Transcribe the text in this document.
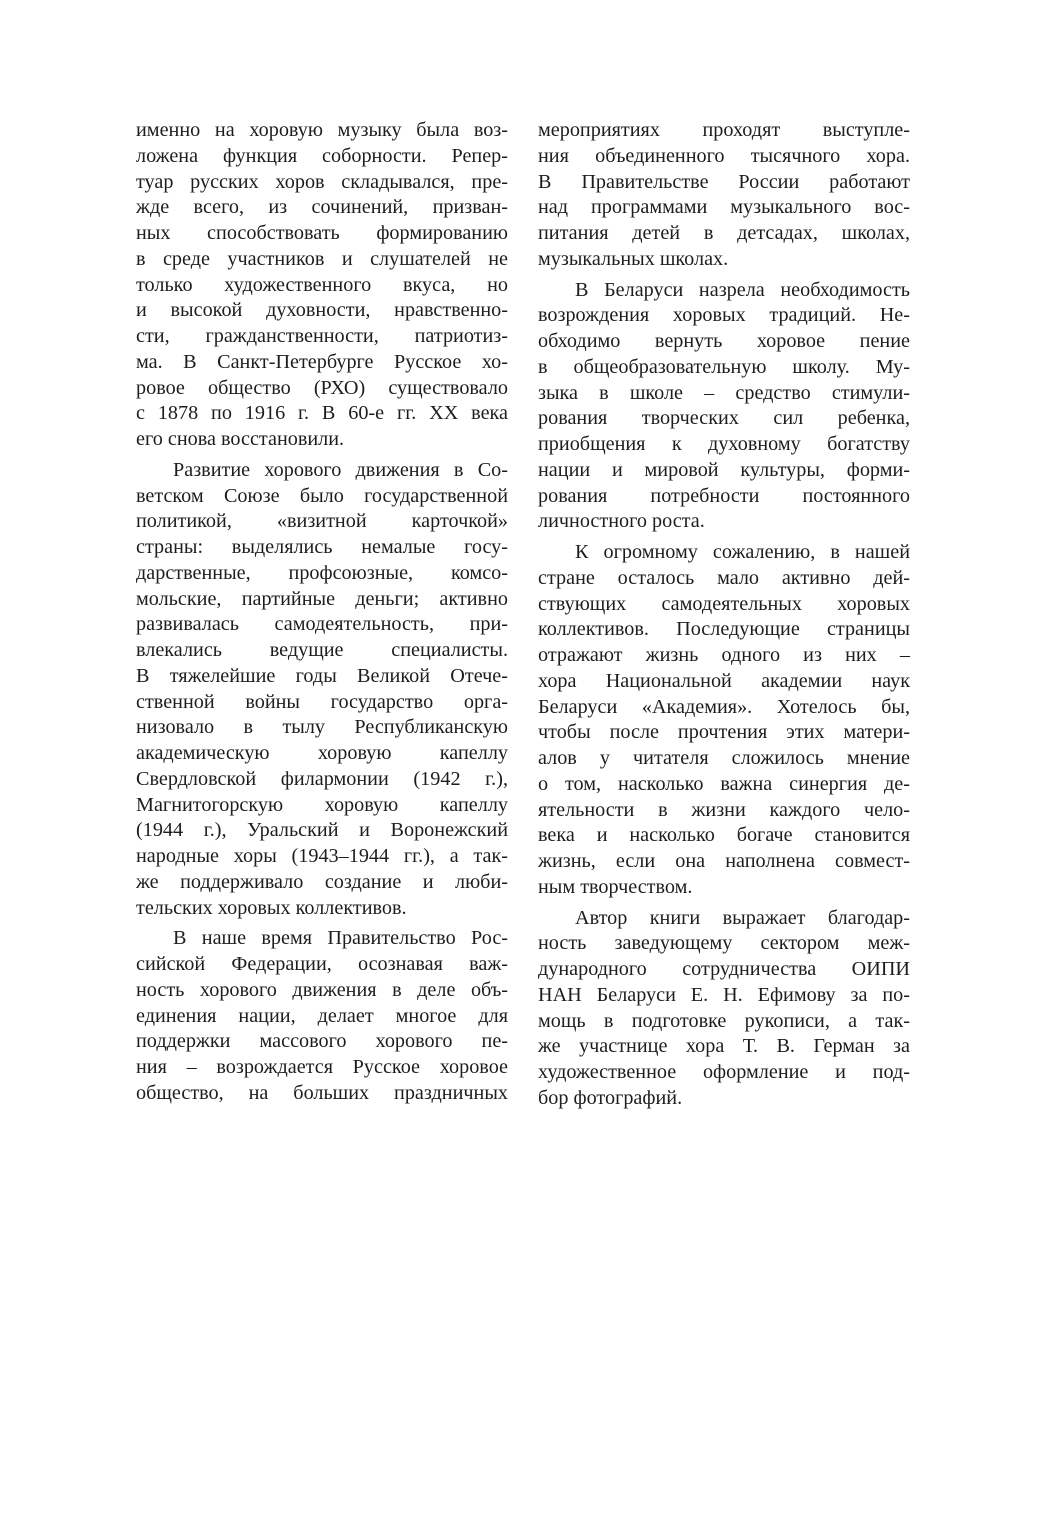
именно на хоровую музыку была воз-
ложена функция соборности. Репер-
туар русских хоров складывался, пре-
жде всего, из сочинений, призван-
ных способствовать формированию
в среде участников и слушателей не
только художественного вкуса, но
и высокой духовности, нравственно-
сти, гражданственности, патриотиз-
ма. В Санкт-Петербурге Русское хо-
ровое общество (РХО) существовало
с 1878 по 1916 г. В 60-е гг. XX века
его снова восстановили.
Развитие хорового движения в Со-
ветском Союзе было государственной
политикой, «визитной карточкой»
страны: выделялись немалые госу-
дарственные, профсоюзные, комсо-
мольские, партийные деньги; активно
развивалась самодеятельность, при-
влекались ведущие специалисты.
В тяжелейшие годы Великой Отече-
ственной войны государство орга-
низовало в тылу Республиканскую
академическую хоровую капеллу
Свердловской филармонии (1942 г.),
Магнитогорскую хоровую капеллу
(1944 г.), Уральский и Воронежский
народные хоры (1943–1944 гг.), а так-
же поддерживало создание и люби-
тельских хоровых коллективов.
В наше время Правительство Рос-
сийской Федерации, осознавая важ-
ность хорового движения в деле объ-
единения нации, делает многое для
поддержки массового хорового пе-
ния – возрождается Русское хоровое
общество, на больших праздничных
мероприятиях проходят выступле-
ния объединенного тысячного хора.
В Правительстве России работают
над программами музыкального вос-
питания детей в детсадах, школах,
музыкальных школах.
В Беларуси назрела необходимость
возрождения хоровых традиций. Не-
обходимо вернуть хоровое пение
в общеобразовательную школу. Му-
зыка в школе – средство стимули-
рования творческих сил ребенка,
приобщения к духовному богатству
нации и мировой культуры, форми-
рования потребности постоянного
личностного роста.
К огромному сожалению, в нашей
стране осталось мало активно дей-
ствующих самодеятельных хоровых
коллективов. Последующие страницы
отражают жизнь одного из них –
хора Национальной академии наук
Беларуси «Академия». Хотелось бы,
чтобы после прочтения этих матери-
алов у читателя сложилось мнение
о том, насколько важна синергия де-
ятельности в жизни каждого чело-
века и насколько богаче становится
жизнь, если она наполнена совмест-
ным творчеством.
Автор книги выражает благодар-
ность заведующему сектором меж-
дународного сотрудничества ОИПИ
НАН Беларуси Е. Н. Ефимову за по-
мощь в подготовке рукописи, а так-
же участнице хора Т. В. Герман за
художественное оформление и под-
бор фотографий.
